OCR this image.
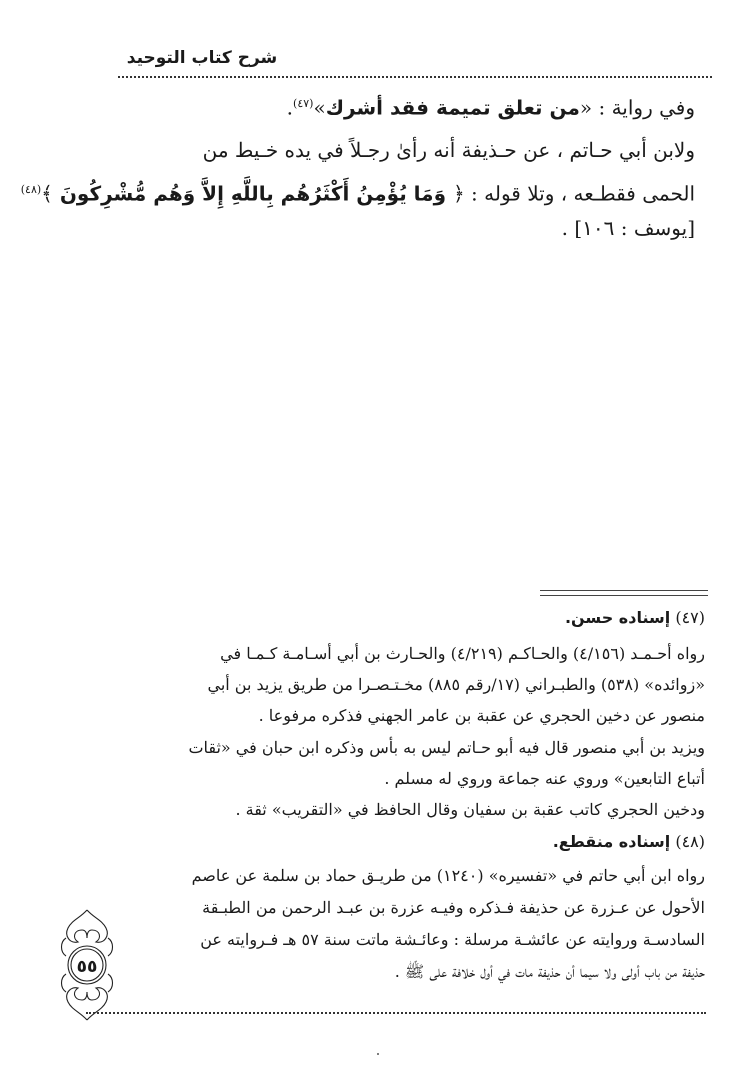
شرح كتاب التوحيد
وفي رواية : «من تعلق تميمة فقد أشرك»$^{(٤٧)}$.
ولابن أبي حـاتم ، عن حـذيفة أنه رأىٰ رجـلاً في يده خـيط من
الحمى فقطـعه ، وتلا قوله : ﴿ وَمَا يُؤْمِنُ أَكْثَرُهُم بِاللَّهِ إِلاَّ وَهُم مُّشْرِكُونَ ﴾$^{(٤٨)}$
[يوسف : ١٠٦] .
(٤٧) إسناده حسن.
رواه أحـمـد (٤/١٥٦) والحـاكـم (٤/٢١٩) والحـارث بن أبي أسـامـة كـمـا في
«زوائده» (٥٣٨) والطبـراني (١٧/رقم ٨٨٥) مخـتـصـرا من طريق يزيد بن أبي
منصور عن دخين الحجري عن عقبة بن عامر الجهني فذكره مرفوعا .
ويزيد بن أبي منصور قال فيه أبو حـاتم ليس به بأس وذكره ابن حبان في «ثقات
أتباع التابعين» وروي عنه جماعة وروي له مسلم .
ودخين الحجري كاتب عقبة بن سفيان وقال الحافظ في «التقريب» ثقة .
(٤٨) إسناده منقطع.
رواه ابن أبي حاتم في «تفسيره» (١٢٤٠) من طريـق حماد بن سلمة عن عاصم
الأحول عن عـزرة عن حذيفة فـذكره وفيـه عزرة بن عبـد الرحمن من الطبـقة
السادسـة وروايته عن عائشـة مرسلة : وعائـشة ماتت سنة ٥٧ هـ فـروايته عن
حذيفة من باب أولى ولا سيما أن حذيفة مات في أول خلافة على ﷺ .
٥٥
